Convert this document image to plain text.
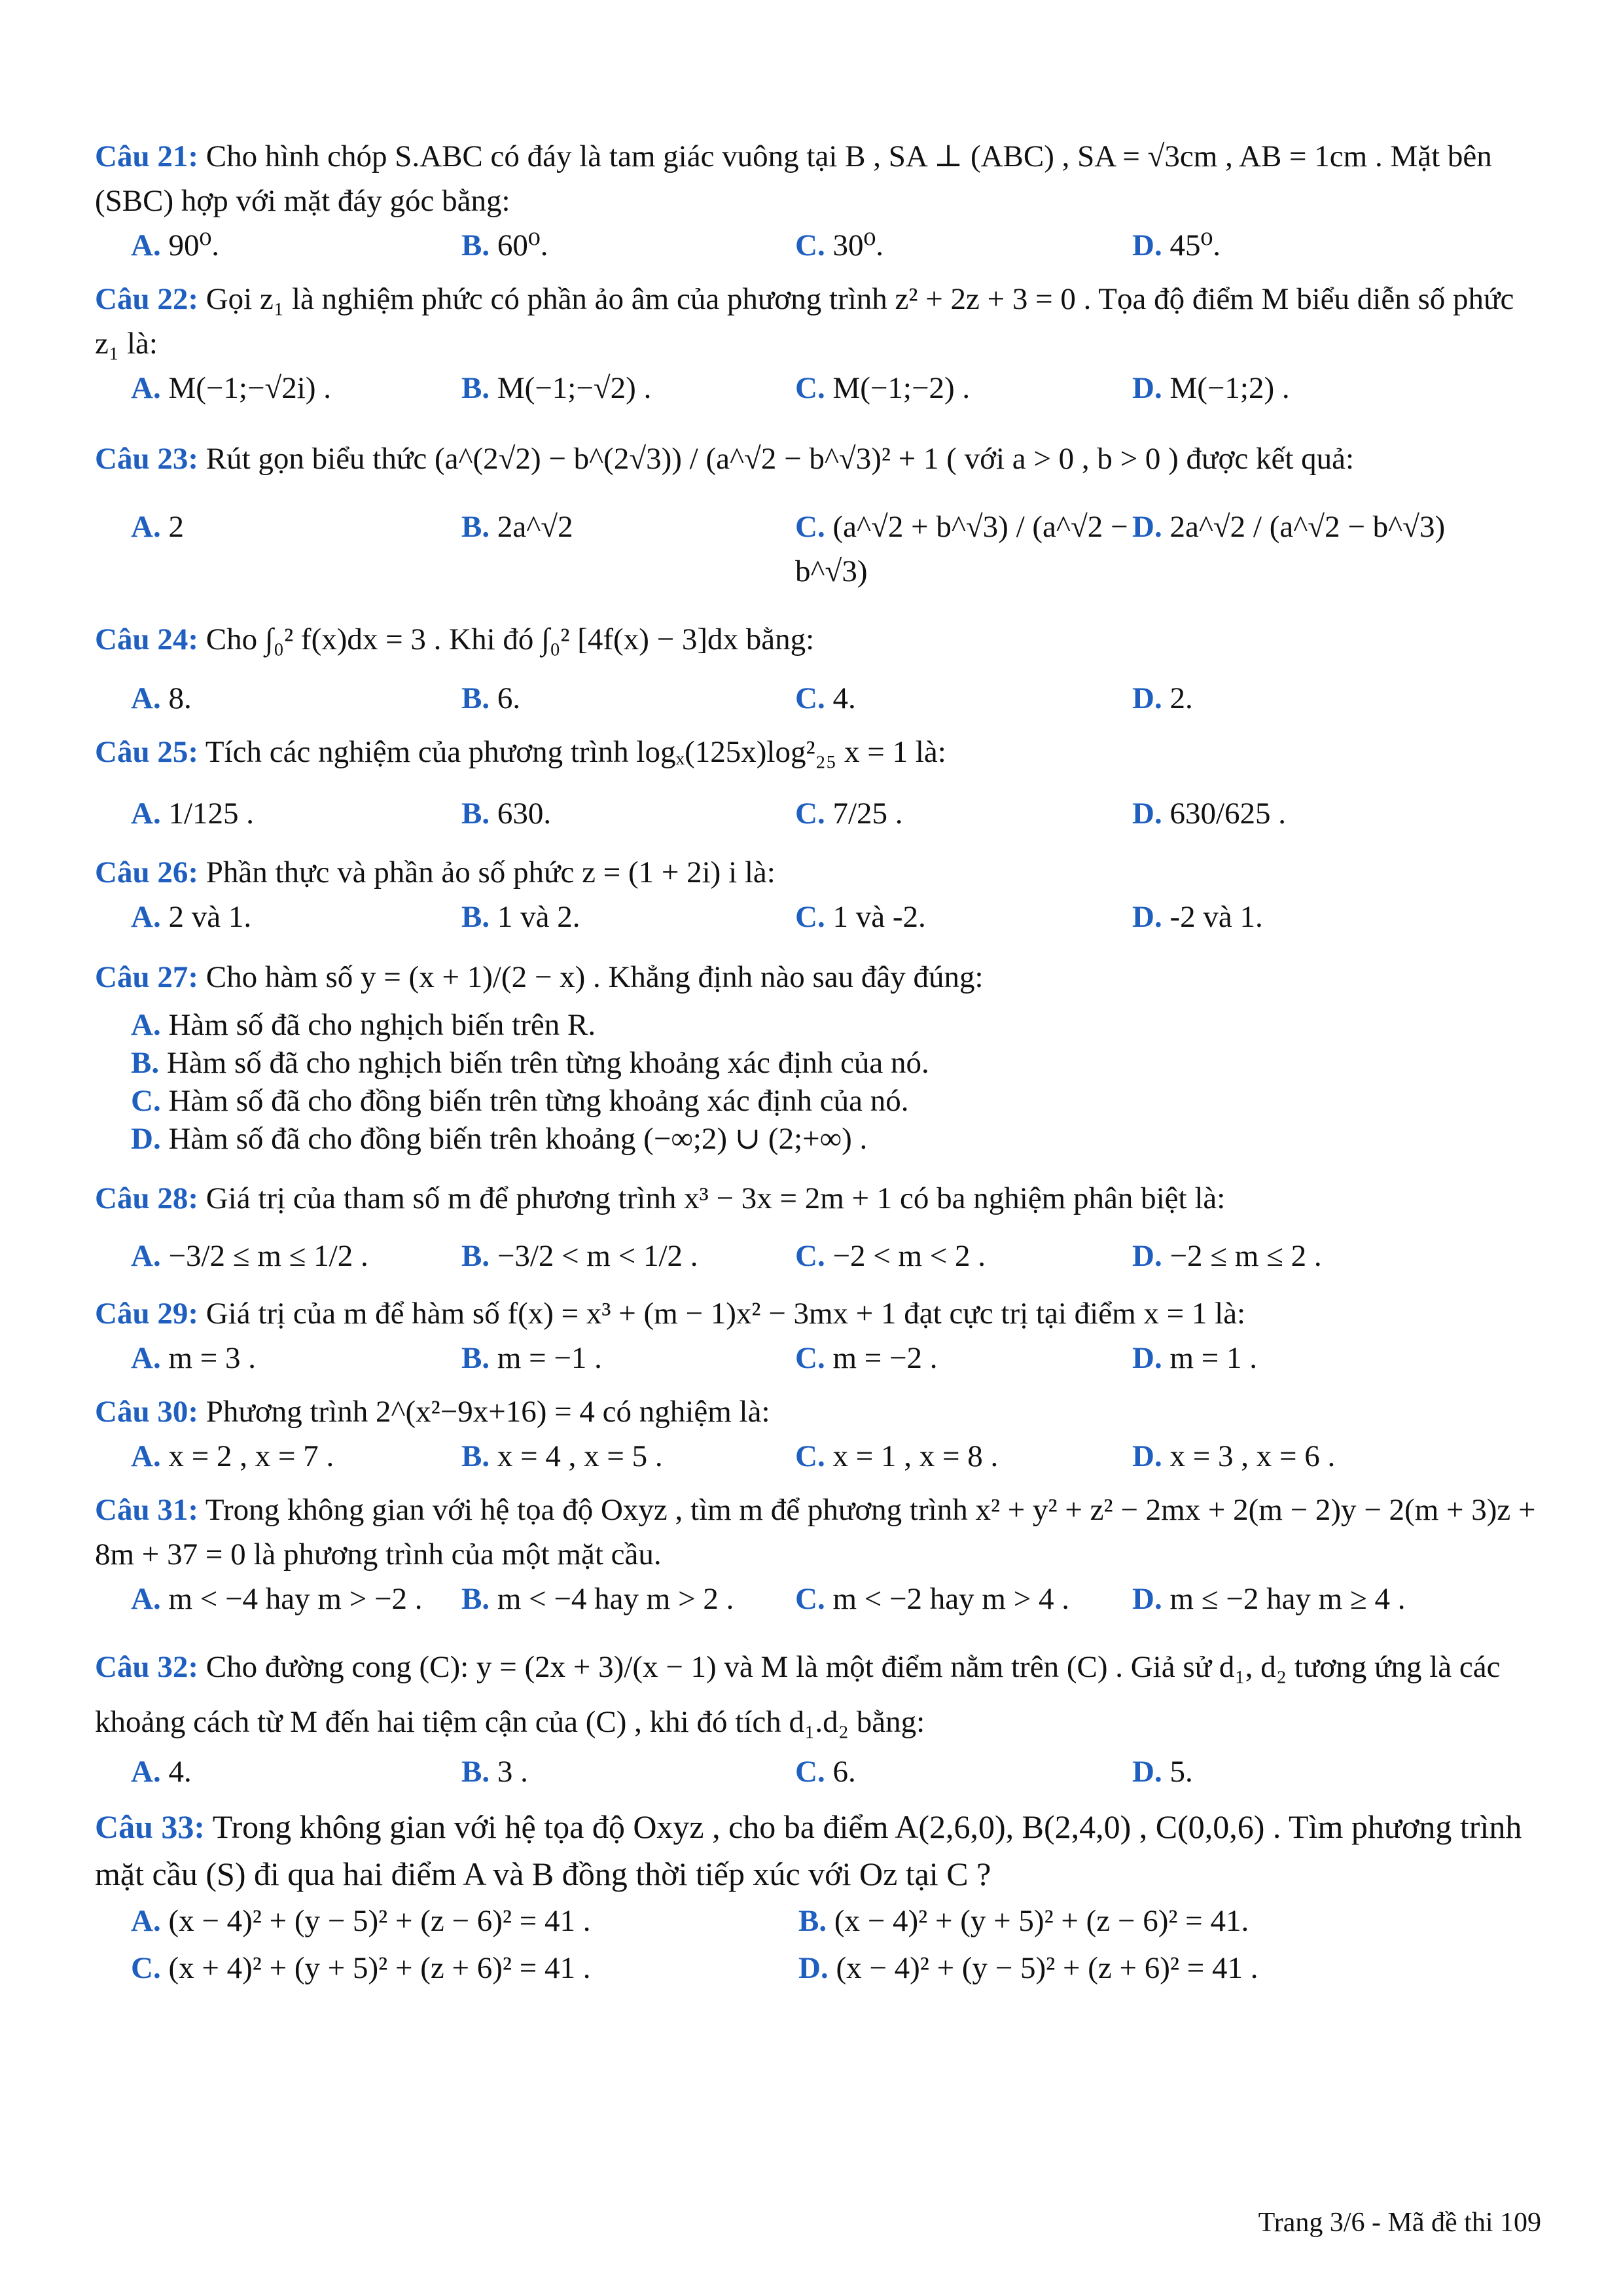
Câu 21: Cho hình chóp S.ABC có đáy là tam giác vuông tại B , SA ⊥ (ABC) , SA = √3cm , AB = 1cm . Mặt bên (SBC) hợp với mặt đáy góc bằng:
A. 90⁰.	B. 60⁰.	C. 30⁰.	D. 45⁰.
Câu 22: Gọi z₁ là nghiệm phức có phần ảo âm của phương trình z² + 2z + 3 = 0 . Tọa độ điểm M biểu diễn số phức z₁ là:
A. M(−1;−√2i) .	B. M(−1;−√2) .	C. M(−1;−2) .	D. M(−1;2) .
Câu 23: Rút gọn biểu thức (a^(2√2) − b^(2√3)) / (a^√2 − b^√3)² + 1 ( với a > 0 , b > 0 ) được kết quả:
A. 2	B. 2a^√2	C. (a^√2 + b^√3) / (a^√2 − b^√3)
D. 2a^√2 / (a^√2 − b^√3)
Câu 24: Cho ∫₀² f(x)dx = 3 . Khi đó ∫₀² [4f(x) − 3]dx bằng:
A. 8.	B. 6.	C. 4.	D. 2.
Câu 25: Tích các nghiệm của phương trình logₓ(125x)log²₂₅ x = 1 là:
A. 1/125 .	B. 630.	C. 7/25 .	D. 630/625 .
Câu 26: Phần thực và phần ảo số phức z = (1 + 2i) i là:
A. 2 và 1.	B. 1 và 2.	C. 1 và -2.	D. -2 và 1.
Câu 27: Cho hàm số y = (x + 1)/(2 − x) . Khẳng định nào sau đây đúng:
A. Hàm số đã cho nghịch biến trên R.
B. Hàm số đã cho nghịch biến trên từng khoảng xác định của nó.
C. Hàm số đã cho đồng biến trên từng khoảng xác định của nó.
D. Hàm số đã cho đồng biến trên khoảng (−∞;2) ∪ (2;+∞) .
Câu 28: Giá trị của tham số m để phương trình x³ − 3x = 2m + 1 có ba nghiệm phân biệt là:
A. −3/2 ≤ m ≤ 1/2 .	B. −3/2 < m < 1/2 .	C. −2 < m < 2 .	D. −2 ≤ m ≤ 2 .
Câu 29: Giá trị của m để hàm số f(x) = x³ + (m − 1)x² − 3mx + 1 đạt cực trị tại điểm x = 1 là:
A. m = 3 .	B. m = −1 .	C. m = −2 .	D. m = 1 .
Câu 30: Phương trình 2^(x²−9x+16) = 4 có nghiệm là:
A. x = 2 , x = 7 .	B. x = 4 , x = 5 .	C. x = 1 , x = 8 .	D. x = 3 , x = 6 .
Câu 31: Trong không gian với hệ tọa độ Oxyz , tìm m để phương trình x² + y² + z² − 2mx + 2(m − 2)y − 2(m + 3)z + 8m + 37 = 0 là phương trình của một mặt cầu.
A. m < −4 hay m > −2 .	B. m < −4 hay m > 2 .	C. m < −2 hay m > 4 .	D. m ≤ −2 hay m ≥ 4 .
Câu 32: Cho đường cong (C): y = (2x + 3)/(x − 1) và M là một điểm nằm trên (C) . Giả sử d₁, d₂ tương ứng là các khoảng cách từ M đến hai tiệm cận của (C) , khi đó tích d₁.d₂ bằng:
A. 4.	B. 3 .	C. 6.	D. 5.
Câu 33: Trong không gian với hệ tọa độ Oxyz , cho ba điểm A(2,6,0), B(2,4,0) , C(0,0,6) . Tìm phương trình mặt cầu (S) đi qua hai điểm A và B đồng thời tiếp xúc với Oz tại C ?
A. (x − 4)² + (y − 5)² + (z − 6)² = 41 .	B. (x − 4)² + (y + 5)² + (z − 6)² = 41.
C. (x + 4)² + (y + 5)² + (z + 6)² = 41 .	D. (x − 4)² + (y − 5)² + (z + 6)² = 41 .
Trang 3/6 - Mã đề thi 109
